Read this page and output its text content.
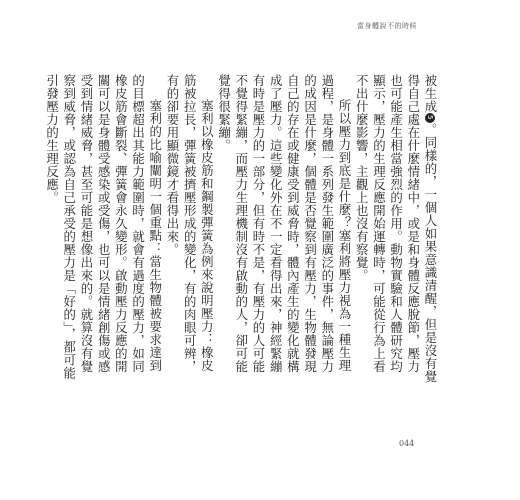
當身體說不的時候

被生成5。同樣的，一個人如果意識清醒，但是沒有覺得自己處在什麼情緒中，或是和身體反應脫節，壓力也可能產生相當強烈的作用。動物實驗和人體研究均顯示，壓力的生理反應開始運轉時，可能從行為上看不出什麼影響，主觀上也沒有察覺。

所以壓力到底是什麼？塞利將壓力視為一種生理過程，是身體一系列發生範圍廣泛的事件，無論壓力的成因是什麼，個體是否覺察到有壓力，生物體發現自己的存在或健康受到威脅時，體內產生的變化就構成了壓力。這些變化外在不一定看得出來，神經緊繃有時是壓力的一部分，但有時不是，有壓力的人可能不覺得緊繃，而壓力生理機制沒有啟動的人，卻可能覺得很緊繃。

塞利以橡皮筋和鋼製彈簧為例來說明壓力：橡皮筋被拉長，彈簧被擠壓形成的變化，有的肉眼可辨，有的卻要用顯微鏡才看得出來。

塞利的比喻闡明一個重點：當生物體被要求達到的目標超出其能力範圍時，就會有過度的壓力，如同橡皮筋會斷裂、彈簧會永久變形。啟動壓力反應的開關可以是身體受感染或受傷，也可以是情緒創傷或感受到情緒威脅，甚至可能是想像出來的。就算沒有覺察到威脅，或認為自己承受的壓力是「好的」，都可能引發壓力的生理反應。

044
